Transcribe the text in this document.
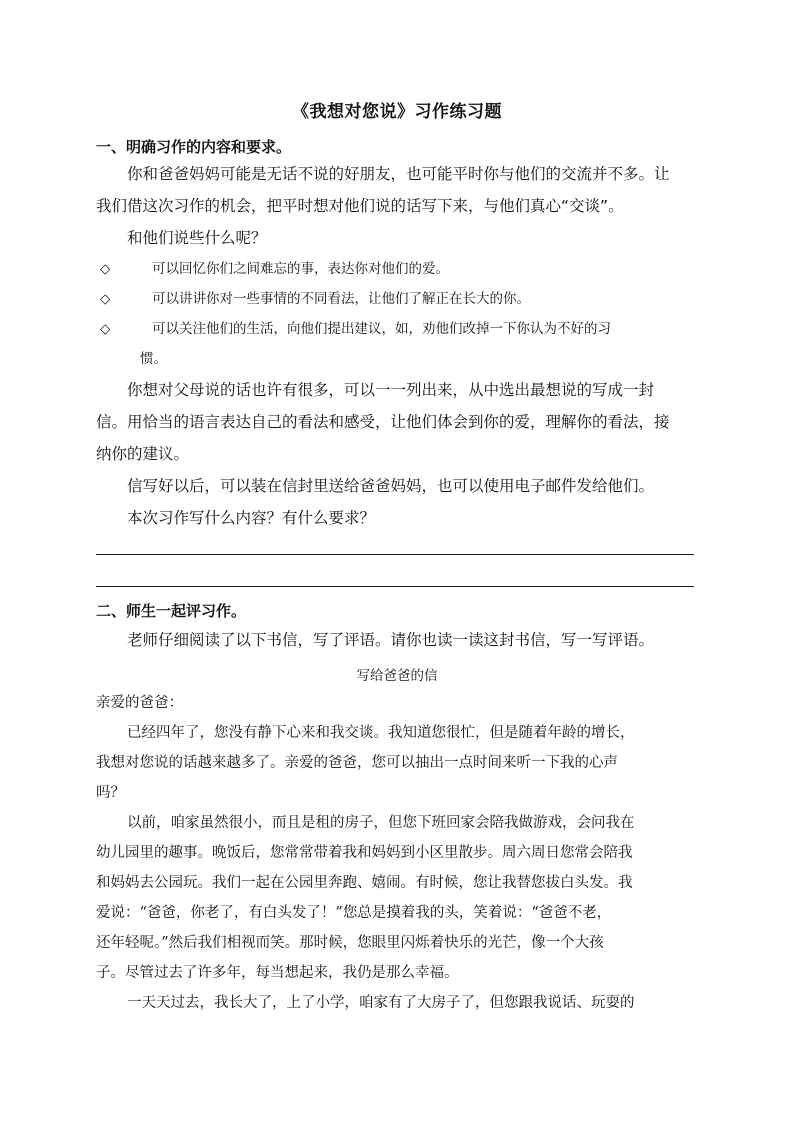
《我想对您说》习作练习题
一、明确习作的内容和要求。

你和爸爸妈妈可能是无话不说的好朋友，也可能平时你与他们的交流并不多。让

我们借这次习作的机会，把平时想对他们说的话写下来，与他们真心“交谈”。

和他们说些什么呢？

◇	可以回忆你们之间难忘的事，表达你对他们的爱。
◇	可以讲讲你对一些事情的不同看法，让他们了解正在长大的你。
◇	可以关注他们的生活，向他们提出建议，如，劝他们改掉一下你认为不好的习
惯。

你想对父母说的话也许有很多，可以一一列出来，从中选出最想说的写成一封

信。用恰当的语言表达自己的看法和感受，让他们体会到你的爱，理解你的看法，接

纳你的建议。

信写好以后，可以装在信封里送给爸爸妈妈，也可以使用电子邮件发给他们。

本次习作写什么内容？有什么要求？

二、师生一起评习作。

老师仔细阅读了以下书信，写了评语。请你也读一读这封书信，写一写评语。

写给爸爸的信

亲爱的爸爸：

已经四年了，您没有静下心来和我交谈。我知道您很忙，但是随着年龄的增长，

我想对您说的话越来越多了。亲爱的爸爸，您可以抽出一点时间来听一下我的心声

吗？

以前，咱家虽然很小，而且是租的房子，但您下班回家会陪我做游戏，会问我在

幼儿园里的趣事。晚饭后，您常常带着我和妈妈到小区里散步。周六周日您常会陪我

和妈妈去公园玩。我们一起在公园里奔跑、嬉闹。有时候，您让我替您拔白头发。我

爱说：“爸爸，你老了，有白头发了！”您总是摸着我的头，笑着说：“爸爸不老，

还年轻呢。”然后我们相视而笑。那时候，您眼里闪烁着快乐的光芒，像一个大孩

子。尽管过去了许多年，每当想起来，我仍是那么幸福。

一天天过去，我长大了，上了小学，咱家有了大房子了，但您跟我说话、玩耍的
